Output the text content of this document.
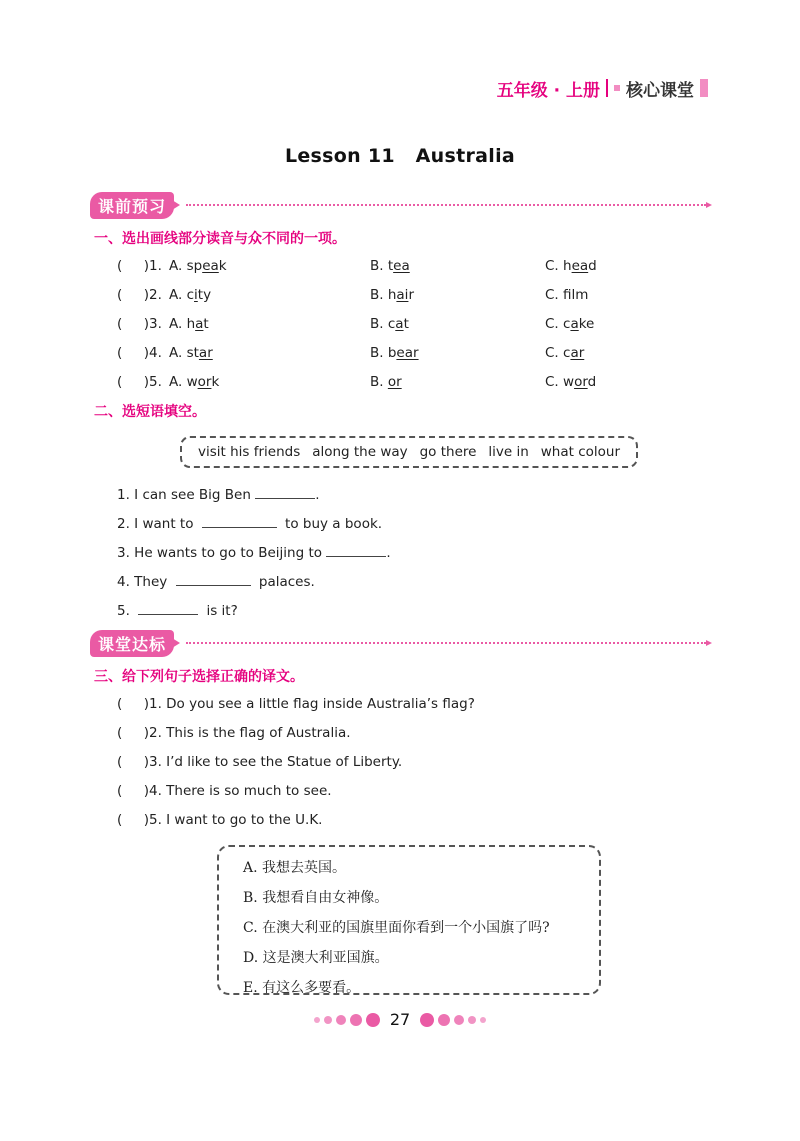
五年级 · 上册 核心课堂
Lesson 11   Australia
课前预习
一、选出画线部分读音与众不同的一项。
(     )1. A. speak	B. tea	C. head
(     )2. A. city	B. hair	C. flm
(     )3. A. hat	B. cat	C. cake
(     )4. A. star	B. bear	C. car
(     )5. A. work	B. or	C. word
二、选短语填空。
visit his friends along the way go there live in what colour
1. I can see Big Ben	.
2. I want to	to buy a book.
3. He wants to go to Beijing to	.
4. They	palaces.
5.	is it?
课堂达标
三、给下列句子选择正确的译文。
(     )1. Do you see a little flag inside Australia’s flag?
(     )2. This is the flag of Australia.
(     )3. I’d like to see the Statue of Liberty.
(     )4. There is so much to see.
(     )5. I want to go to the U.K.
A. 我想去英国。
B. 我想看自由女神像。
C. 在澳大利亚的国旗里面你看到一个小国旗了吗?
D. 这是澳大利亚国旗。
E. 有这么多要看。
27
